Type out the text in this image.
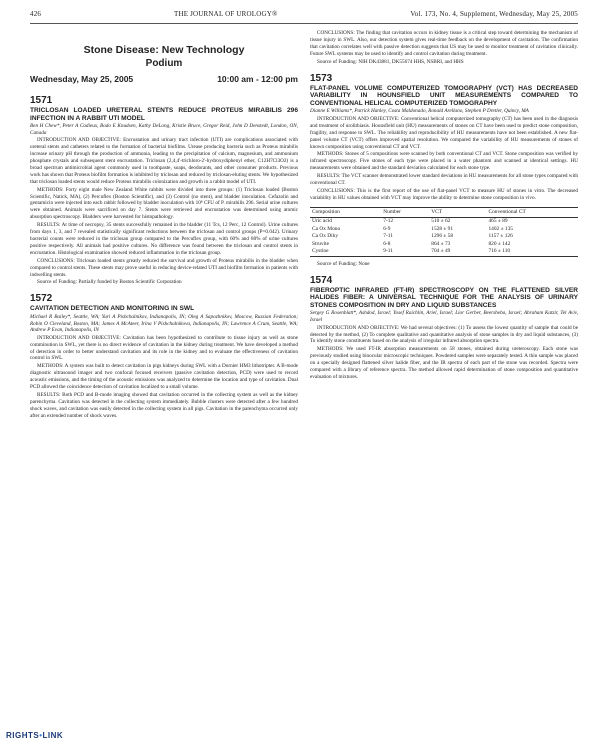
426	THE JOURNAL OF UROLOGY®	Vol. 173, No. 4, Supplement, Wednesday, May 25, 2005
Stone Disease: New Technology
Podium
Wednesday, May 25, 2005	10:00 am - 12:00 pm
1571
TRICLOSAN LOADED URETERAL STENTS REDUCE PROTEUS MIRABILIS 296 INFECTION IN A RABBIT UTI MODEL
Ben H Chew*, Peter A Cadieux, Bodo E Knudsen, Kathy DeLong, Kristie Bruce, Gregor Reid, John D Denstedt, London, ON, Canada

INTRODUCTION AND OBJECTIVE: Encrustation and urinary tract infection (UTI) are complications associated with ureteral stents and catheters related to the formation of bacterial biofilms. Urease producing bacteria such as Proteus mirabilis increase urinary pH through the production of ammonia, leading to the precipitation of calcium, magnesium, and ammonium phosphate crystals and subsequent stent encrustation. Triclosan (2,4,4'-trichloro-2'-hydroxydiphenyl ether, C12H7Cl3O2) is a broad spectrum antimicrobial agent commonly used in toothpaste, soaps, deodorants, and other consumer products. Previous work has shown that Proteus biofilm formation is inhibited by triclosan and reduced by triclosan-eluting stents. We hypothesized that triclosan loaded stents would reduce Proteus mirabilis colonization and growth in a rabbit model of UTI.

METHODS: Forty eight male New Zealand White rabbits were divided into three groups: (1) Triclosan loaded (Boston Scientific, Natick, MA), (2) Percuflex (Boston Scientific), and (3) Control (no stent), and bladder inoculation. Cefazolin and gentamicin were injected into each rabbit followed by bladder inoculation with 10⁸ CFU of P. mirabilis 296. Serial urine cultures were obtained. Animals were sacrificed on day 7. Stents were retrieved and encrustation was determined using atomic absorption spectroscopy. Bladders were harvested for histopathology.

RESULTS: At time of necropsy, 35 stents successfully remained in the bladder (11 Tcs, 12 Perc, 12 Control). Urine cultures from days 1, 3, and 7 revealed statistically significant reductions between the triclosan and control groups (P=0.042). Urinary bacterial counts were reduced in the triclosan group compared to the Percuflex group, with 60% and 80% of urine cultures positive respectively. All animals had positive cultures. No difference was found between the triclosan and control stents in encrustation. Histological examination showed reduced inflammation in the triclosan group.

CONCLUSIONS: Triclosan loaded stents greatly reduced the survival and growth of Proteus mirabilis in the bladder when compared to control stents. These stents may prove useful in reducing device-related UTI and biofilm formation in patients with indwelling stents.

Source of Funding: Partially funded by Boston Scientific Corporation
1572
CAVITATION DETECTION AND MONITORING IN SWL
Michael R Bailey*, Seattle, WA; Yuri A Pishchalnikov, Indianapolis, IN; Oleg A Sapozhnikov, Moscow, Russian Federation; Robin O Cleveland, Boston, MA; James A McAteer, Irina V Pishchalnikova, Indianapolis, IN; Lawrence A Crum, Seattle, WA; Andrew P Evan, Indianapolis, IN

INTRODUCTION AND OBJECTIVE: Cavitation has been hypothesized to contribute to tissue injury as well as stone comminution in SWL, yet there is no direct evidence of cavitation in the kidney during treatment. We have developed a method of detection in order to better understand cavitation and its role in the kidney and to evaluate the effectiveness of cavitation control in SWL.

METHODS: A system was built to detect cavitation in pigs kidneys during SWL with a Dornier HM3 lithotripter. A B-mode diagnostic ultrasound imager and two confocal focused receivers (passive cavitation detection, PCD) were used to record acoustic emissions, and the timing of the acoustic emissions was analyzed to determine the location and type of cavitation. Dual PCD allowed the coincidence detection of cavitation localized to a small volume.

RESULTS: Both PCD and B-mode imaging showed that cavitation occurred in the collecting system as well as the kidney parenchyma. Cavitation was detected in the collecting system immediately. Bubble clusters were detected after a few hundred shock waves, and cavitation was easily detected in the collecting system in all pigs. Cavitation in the parenchyma occurred only after an extended number of shock waves.

CONCLUSIONS: The finding that cavitation occurs in kidney tissue is a critical step toward determining the mechanism of tissue injury in SWL. Also, our detection system gives real-time feedback on the development of cavitation. The confirmation that cavitation correlates well with passive detection suggests that US may be used to monitor treatment of cavitation clinically. Future SWL systems may be used to identify and control cavitation during treatment.

Source of Funding: NIH DK43881, DK55674 HHS, NSBRI, and HHS
1573
FLAT-PANEL VOLUME COMPUTERIZED TOMOGRAPHY (VCT) HAS DECREASED VARIABILITY IN HOUNSFIELD UNIT MEASUREMENTS COMPARED TO CONVENTIONAL HELICAL COMPUTERIZED TOMOGRAPHY
Dianne E Williams*, Patrick Hanley, Costa Maldonado, Ronald Arellano, Stephen P Dretler, Quincy, MA

INTRODUCTION AND OBJECTIVE: Conventional helical computerized tomography (CT) has been used in the diagnosis and treatment of urolithiasis. Hounsfield unit (HU) measurements of stones on CT have been used to predict stone composition, fragility, and response to SWL. The reliability and reproducibility of HU measurements have not been established. A new flat-panel volume CT (VCT) offers improved spatial resolution. We compared the variability of HU measurements of stones of known composition using conventional CT and VCT.

METHODS: Stones of 5 compositions were scanned by both conventional CT and VCT. Stone composition was verified by infrared spectroscopy. Five stones of each type were placed in a water phantom and scanned at identical settings. HU measurements were obtained and the standard deviation calculated for each stone type.

RESULTS: The VCT scanner demonstrated lower standard deviations in HU measurements for all stone types compared with conventional CT.

CONCLUSIONS: This is the first report of the use of flat-panel VCT to measure HU of stones in vitro. The decreased variability in HU values obtained with VCT may improve the ability to determine stone composition in vivo.

Composition	Number	VCT	Conventional CT
Uric acid	7-12	510 ± 62	465 ± 89
Ca Ox Mono	6-9	1528 ± 91	1402 ± 135
Ca Ox Dihy	7-11	1296 ± 58	1157 ± 126
Struvite	6-8	864 ± 73	820 ± 142
Cystine	9-11	704 ± 49	716 ± 110
Source of Funding: None
1574
FIBEROPTIC INFRARED (FT-IR) SPECTROSCOPY ON THE FLATTENED SILVER HALIDES FIBER: A UNIVERSAL TECHNIQUE FOR THE ANALYSIS OF URINARY STONES COMPOSITION IN DRY AND LIQUID SUBSTANCES
Sergey G Rosenblatt*, Ashdod, Israel; Yosef Raichlin, Ariel, Israel; Lior Gerber, Beersheba, Israel; Abraham Katzir, Tel Aviv, Israel

INTRODUCTION AND OBJECTIVE: We had several objectives: (1) To assess the lowest quantity of sample that could be detected by the method, (2) To complete qualitative and quantitative analysis of stone samples in dry and liquid substances, (3) To identify stone constituents based on the analysis of irregular infrared absorption spectra.

METHODS: We used FT-IR absorption measurements on 58 stones, obtained during ureteroscopy. Each stone was previously studied using binocular microscopic techniques. Powdered samples were separately tested. A thin sample was placed on a specially designed flattened silver halide fiber, and the IR spectra of each part of the stone was recorded. Spectra were compared with a library of reference spectra. The method allowed rapid determination of stone composition and quantitative evaluation of mixtures.

RIGHTS•LINK
